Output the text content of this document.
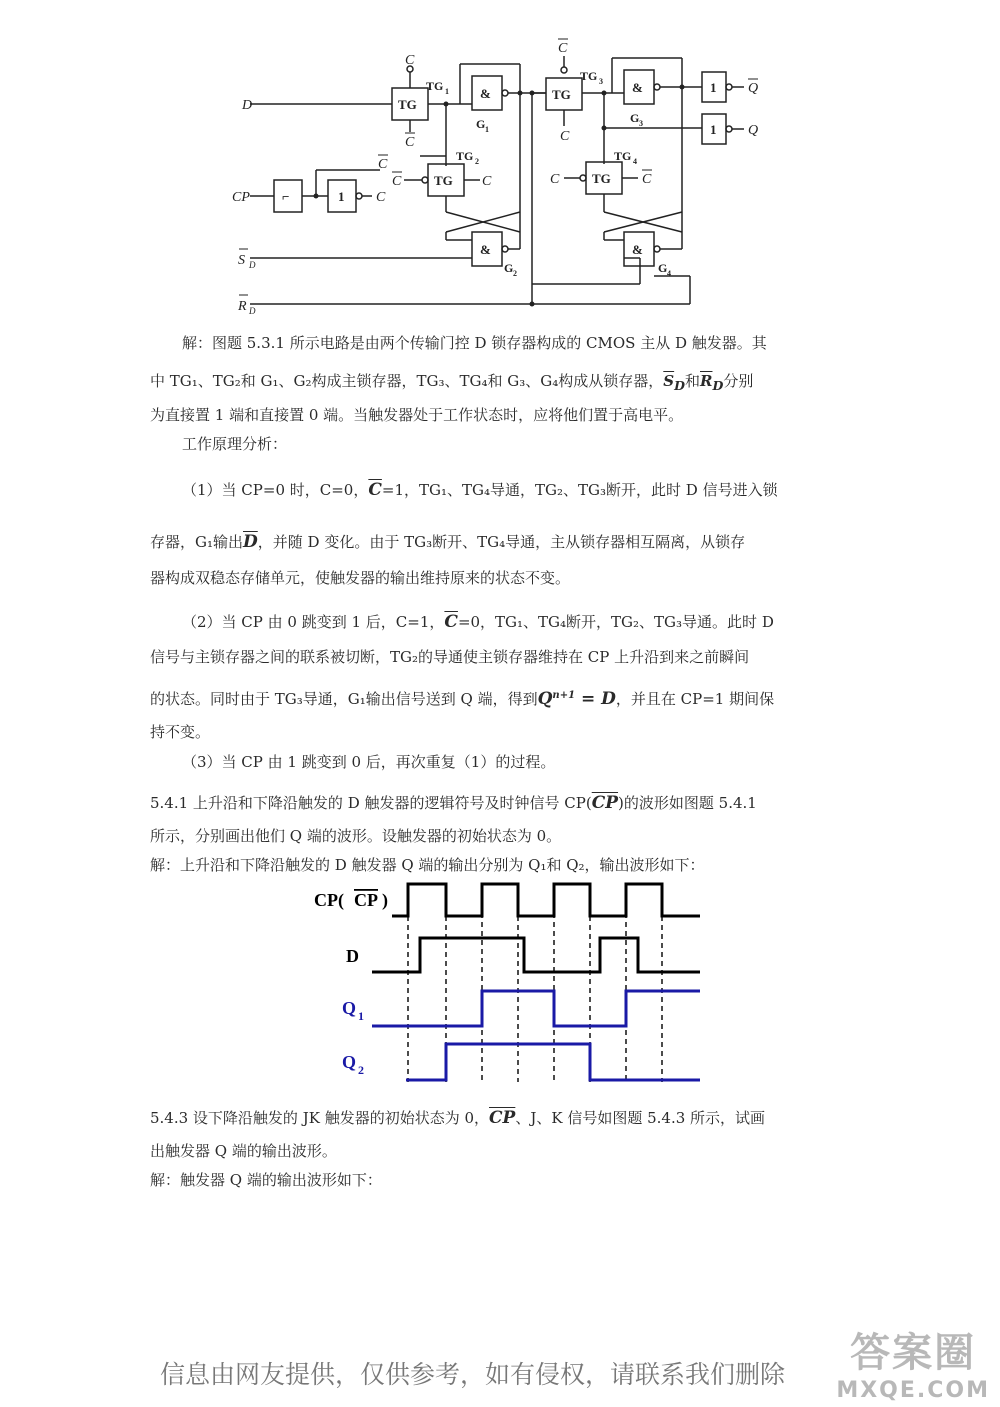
D
CP
S D
R D
C
C
C
C	C
C
C
C
C	C
Q
Q
TG
TG
TG
TG
&
&
&
&
1
1
1
⌐
TG 1
TG 2
TG 3
TG 4
G 1
G 2
G 3
G 4
解：图题 5.3.1 所示电路是由两个传输门控 D 锁存器构成的 CMOS 主从 D 触发器。其
中 TG₁、TG₂和 G₁、G₂构成主锁存器，TG₃、TG₄和 G₃、G₄构成从锁存器，$\overline{S}_D$和$\overline{R}_D$分别
为直接置 1 端和直接置 0 端。当触发器处于工作状态时，应将他们置于高电平。
工作原理分析：
（1）当 CP=0 时，C=0，$\overline{C}=1$，TG₁、TG₄导通，TG₂、TG₃断开，此时 D 信号进入锁
存器，G₁输出$\overline{D}$，并随 D 变化。由于 TG₃断开、TG₄导通，主从锁存器相互隔离，从锁存
器构成双稳态存储单元，使触发器的输出维持原来的状态不变。
（2）当 CP 由 0 跳变到 1 后，C=1，$\overline{C}=0$，TG₁、TG₄断开，TG₂、TG₃导通。此时 D
信号与主锁存器之间的联系被切断，TG₂的导通使主锁存器维持在 CP 上升沿到来之前瞬间
的状态。同时由于 TG₃导通，G₁输出信号送到 Q 端，得到$Q^{n+1} = D$，并且在 CP=1 期间保
持不变。
（3）当 CP 由 1 跳变到 0 后，再次重复（1）的过程。
5.4.1 上升沿和下降沿触发的 D 触发器的逻辑符号及时钟信号 $CP(\overline{CP})$的波形如图题 5.4.1
所示，分别画出他们 Q 端的波形。设触发器的初始状态为 0。
解：上升沿和下降沿触发的 D 触发器 Q 端的输出分别为 Q₁和 Q₂，输出波形如下：
CP( CP )
D
Q 1
Q 2
5.4.3 设下降沿触发的 JK 触发器的初始状态为 0，$\overline{CP}$、J、K 信号如图题 5.4.3 所示，试画
出触发器 Q 端的输出波形。
解：触发器 Q 端的输出波形如下：
信息由网友提供，仅供参考，如有侵权，请联系我们删除	答案圈
MXQE.COM
